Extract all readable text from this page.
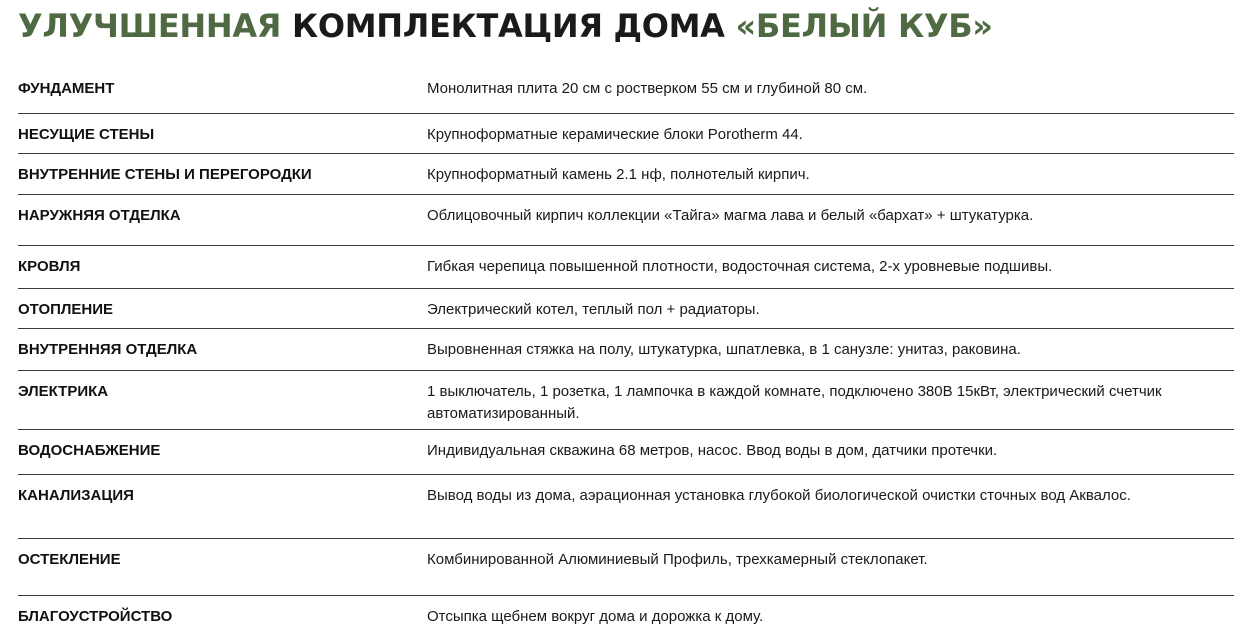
УЛУЧШЕННАЯ КОМПЛЕКТАЦИЯ ДОМА «БЕЛЫЙ КУБ»
ФУНДАМЕНТ	Монолитная плита 20 см с ростверком 55 см и глубиной 80 см.
НЕСУЩИЕ СТЕНЫ	Крупноформатные керамические блоки Porotherm 44.
ВНУТРЕННИЕ СТЕНЫ И ПЕРЕГОРОДКИ	Крупноформатный камень 2.1 нф, полнотелый кирпич.
НАРУЖНЯЯ ОТДЕЛКА	Облицовочный кирпич коллекции «Тайга» магма лава и белый «бархат» + штукатурка.
КРОВЛЯ	Гибкая черепица повышенной плотности, водосточная система, 2-х уровневые подшивы.
ОТОПЛЕНИЕ	Электрический котел, теплый пол + радиаторы.
ВНУТРЕННЯЯ ОТДЕЛКА	Выровненная стяжка на полу, штукатурка, шпатлевка, в 1 санузле: унитаз, раковина.
ЭЛЕКТРИКА	1 выключатель, 1 розетка, 1 лампочка в каждой комнате, подключено 380В 15кВт, электрический счетчик автоматизированный.
ВОДОСНАБЖЕНИЕ	Индивидуальная скважина 68 метров, насос. Ввод воды в дом, датчики протечки.
КАНАЛИЗАЦИЯ	Вывод воды из дома, аэрационная установка глубокой биологической очистки сточных вод Аквалос.
ОСТЕКЛЕНИЕ	Комбинированной Алюминиевый Профиль, трехкамерный стеклопакет.
БЛАГОУСТРОЙСТВО	Отсыпка щебнем вокруг дома и дорожка к дому.
